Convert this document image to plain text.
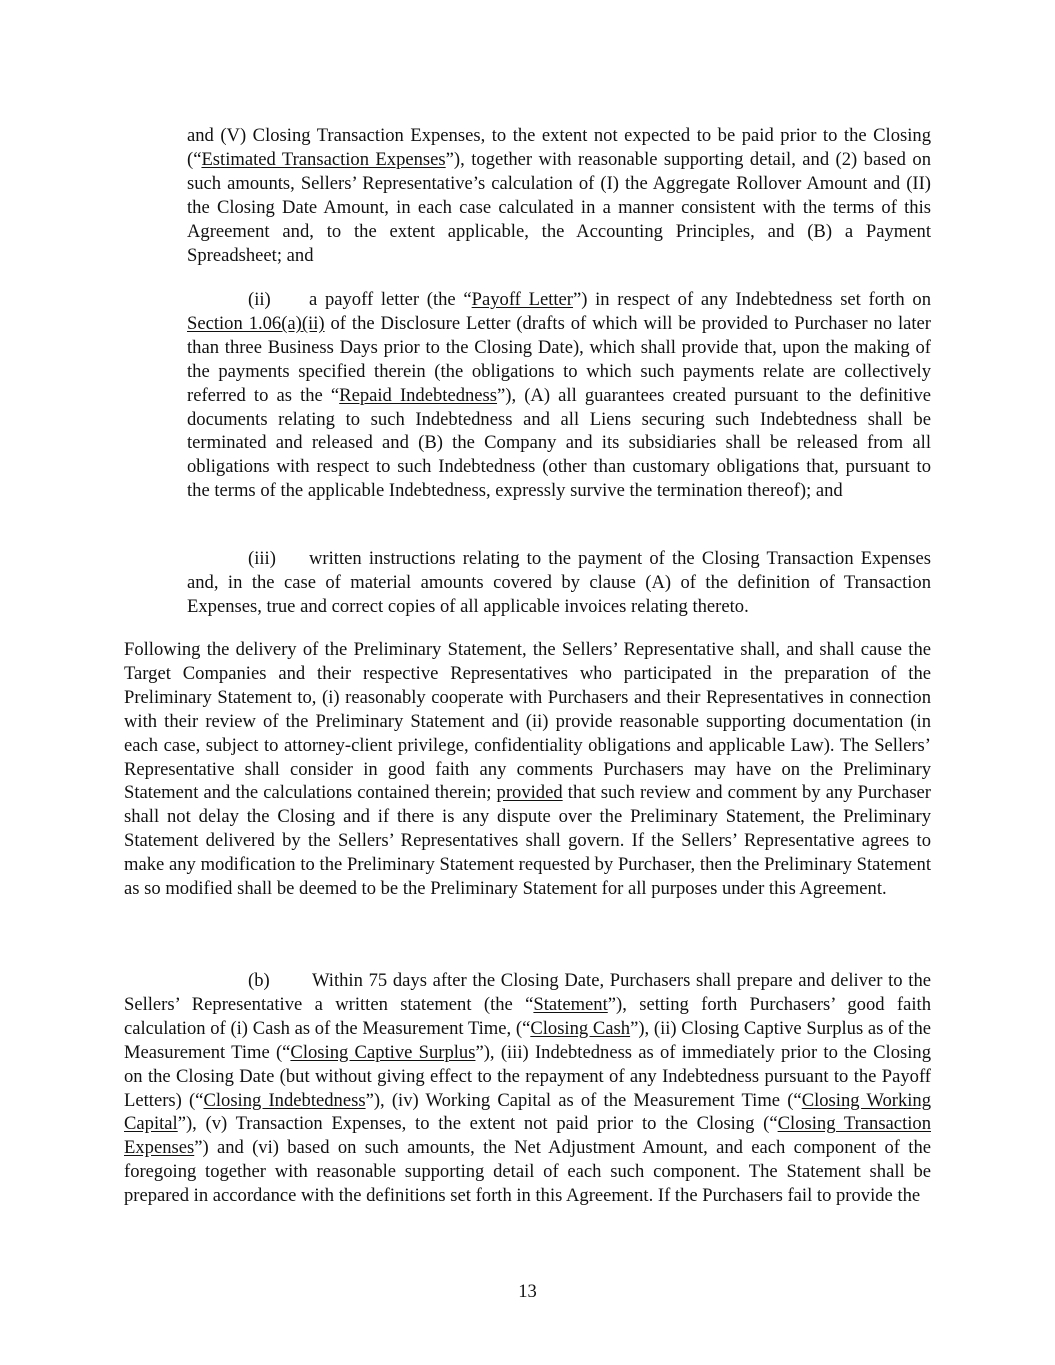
and (V) Closing Transaction Expenses, to the extent not expected to be paid prior to the Closing (“Estimated Transaction Expenses”), together with reasonable supporting detail, and (2) based on such amounts, Sellers’ Representative’s calculation of (I) the Aggregate Rollover Amount and (II) the Closing Date Amount, in each case calculated in a manner consistent with the terms of this Agreement and, to the extent applicable, the Accounting Principles, and (B) a Payment Spreadsheet; and

(ii) a payoff letter (the “Payoff Letter”) in respect of any Indebtedness set forth on Section 1.06(a)(ii) of the Disclosure Letter (drafts of which will be provided to Purchaser no later than three Business Days prior to the Closing Date), which shall provide that, upon the making of the payments specified therein (the obligations to which such payments relate are collectively referred to as the “Repaid Indebtedness”), (A) all guarantees created pursuant to the definitive documents relating to such Indebtedness and all Liens securing such Indebtedness shall be terminated and released and (B) the Company and its subsidiaries shall be released from all obligations with respect to such Indebtedness (other than customary obligations that, pursuant to the terms of the applicable Indebtedness, expressly survive the termination thereof); and

(iii) written instructions relating to the payment of the Closing Transaction Expenses and, in the case of material amounts covered by clause (A) of the definition of Transaction Expenses, true and correct copies of all applicable invoices relating thereto.

Following the delivery of the Preliminary Statement, the Sellers’ Representative shall, and shall cause the Target Companies and their respective Representatives who participated in the preparation of the Preliminary Statement to, (i) reasonably cooperate with Purchasers and their Representatives in connection with their review of the Preliminary Statement and (ii) provide reasonable supporting documentation (in each case, subject to attorney-client privilege, confidentiality obligations and applicable Law). The Sellers’ Representative shall consider in good faith any comments Purchasers may have on the Preliminary Statement and the calculations contained therein; provided that such review and comment by any Purchaser shall not delay the Closing and if there is any dispute over the Preliminary Statement, the Preliminary Statement delivered by the Sellers’ Representatives shall govern. If the Sellers’ Representative agrees to make any modification to the Preliminary Statement requested by Purchaser, then the Preliminary Statement as so modified shall be deemed to be the Preliminary Statement for all purposes under this Agreement.

(b) Within 75 days after the Closing Date, Purchasers shall prepare and deliver to the Sellers’ Representative a written statement (the “Statement”), setting forth Purchasers’ good faith calculation of (i) Cash as of the Measurement Time, (“Closing Cash”), (ii) Closing Captive Surplus as of the Measurement Time (“Closing Captive Surplus”), (iii) Indebtedness as of immediately prior to the Closing on the Closing Date (but without giving effect to the repayment of any Indebtedness pursuant to the Payoff Letters) (“Closing Indebtedness”), (iv) Working Capital as of the Measurement Time (“Closing Working Capital”), (v) Transaction Expenses, to the extent not paid prior to the Closing (“Closing Transaction Expenses”) and (vi) based on such amounts, the Net Adjustment Amount, and each component of the foregoing together with reasonable supporting detail of each such component. The Statement shall be prepared in accordance with the definitions set forth in this Agreement. If the Purchasers fail to provide the

13
